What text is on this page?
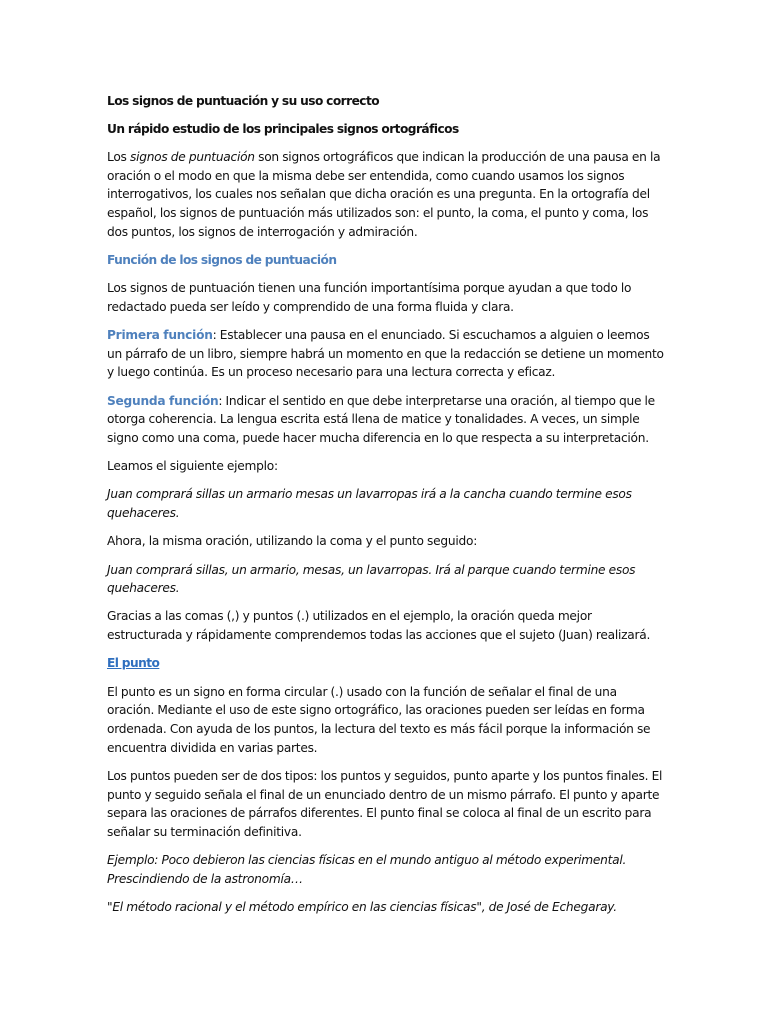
Los signos de puntuación y su uso correcto

Un rápido estudio de los principales signos ortográficos

Los signos de puntuación son signos ortográficos que indican la producción de una pausa en la oración o el modo en que la misma debe ser entendida, como cuando usamos los signos interrogativos, los cuales nos señalan que dicha oración es una pregunta. En la ortografía del español, los signos de puntuación más utilizados son: el punto, la coma, el punto y coma, los dos puntos, los signos de interrogación y admiración.

Función de los signos de puntuación

Los signos de puntuación tienen una función importantísima porque ayudan a que todo lo redactado pueda ser leído y comprendido de una forma fluida y clara.

Primera función: Establecer una pausa en el enunciado. Si escuchamos a alguien o leemos un párrafo de un libro, siempre habrá un momento en que la redacción se detiene un momento y luego continúa. Es un proceso necesario para una lectura correcta y eficaz.

Segunda función: Indicar el sentido en que debe interpretarse una oración, al tiempo que le otorga coherencia. La lengua escrita está llena de matice y tonalidades. A veces, un simple signo como una coma, puede hacer mucha diferencia en lo que respecta a su interpretación.

Leamos el siguiente ejemplo:

Juan comprará sillas un armario mesas un lavarropas irá a la cancha cuando termine esos quehaceres.

Ahora, la misma oración, utilizando la coma y el punto seguido:

Juan comprará sillas, un armario, mesas, un lavarropas. Irá al parque cuando termine esos quehaceres.

Gracias a las comas (,) y puntos (.) utilizados en el ejemplo, la oración queda mejor estructurada y rápidamente comprendemos todas las acciones que el sujeto (Juan) realizará.

El punto

El punto es un signo en forma circular (.) usado con la función de señalar el final de una oración. Mediante el uso de este signo ortográfico, las oraciones pueden ser leídas en forma ordenada. Con ayuda de los puntos, la lectura del texto es más fácil porque la información se encuentra dividida en varias partes.

Los puntos pueden ser de dos tipos: los puntos y seguidos, punto aparte y los puntos finales. El punto y seguido señala el final de un enunciado dentro de un mismo párrafo. El punto y aparte separa las oraciones de párrafos diferentes. El punto final se coloca al final de un escrito para señalar su terminación definitiva.

Ejemplo: Poco debieron las ciencias físicas en el mundo antiguo al método experimental. Prescindiendo de la astronomía…

"El método racional y el método empírico en las ciencias físicas", de José de Echegaray.
